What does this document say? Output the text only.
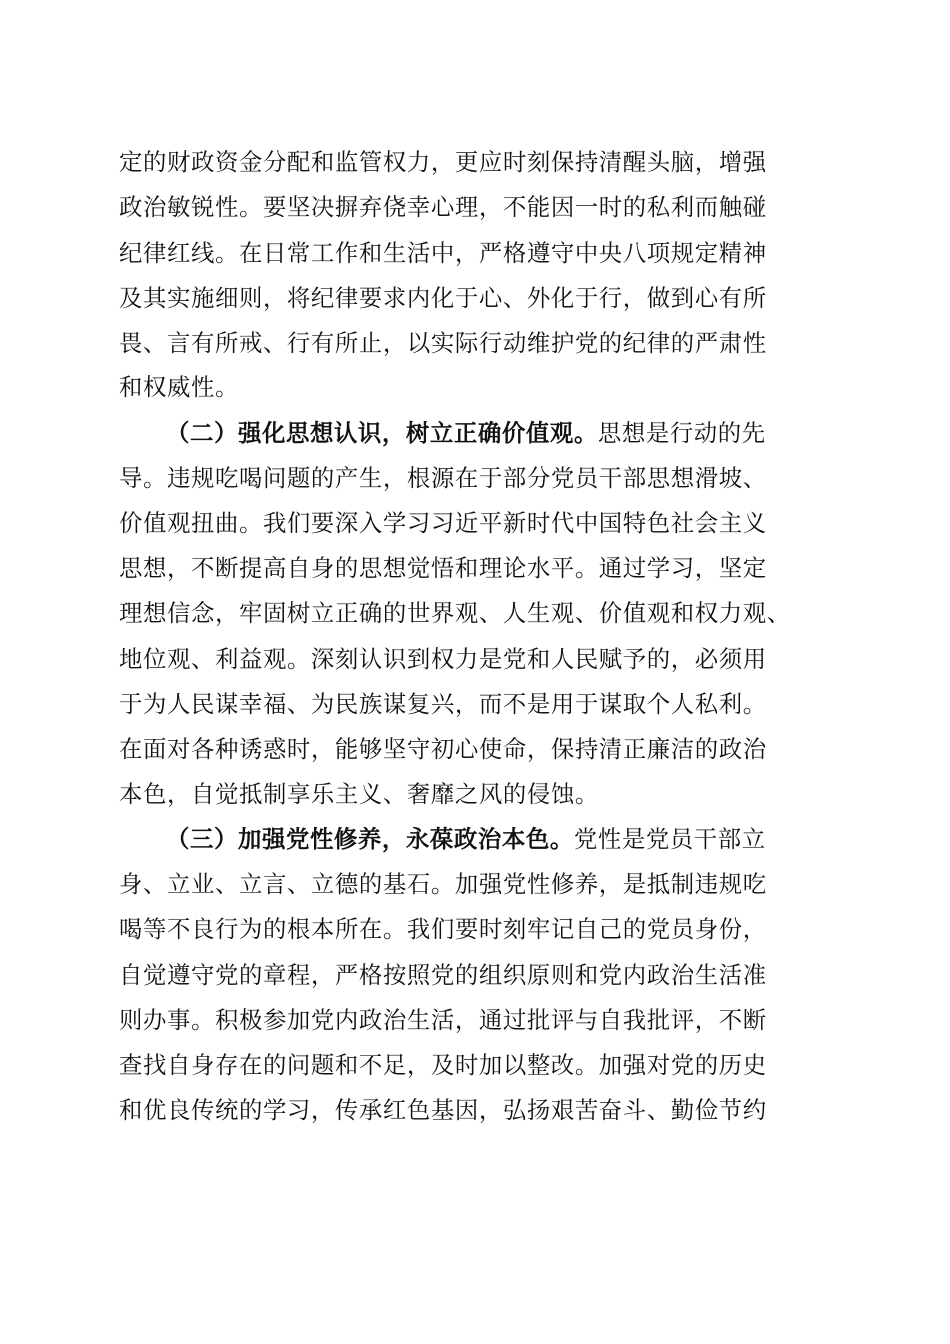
定的财政资金分配和监管权力，更应时刻保持清醒头脑，增强
政治敏锐性。要坚决摒弃侥幸心理，不能因一时的私利而触碰
纪律红线。在日常工作和生活中，严格遵守中央八项规定精神
及其实施细则，将纪律要求内化于心、外化于行，做到心有所
畏、言有所戒、行有所止，以实际行动维护党的纪律的严肃性
和权威性。
（二）强化思想认识，树立正确价值观。思想是行动的先
导。违规吃喝问题的产生，根源在于部分党员干部思想滑坡、
价值观扭曲。我们要深入学习习近平新时代中国特色社会主义
思想，不断提高自身的思想觉悟和理论水平。通过学习，坚定
理想信念，牢固树立正确的世界观、人生观、价值观和权力观、
地位观、利益观。深刻认识到权力是党和人民赋予的，必须用
于为人民谋幸福、为民族谋复兴，而不是用于谋取个人私利。
在面对各种诱惑时，能够坚守初心使命，保持清正廉洁的政治
本色，自觉抵制享乐主义、奢靡之风的侵蚀。
（三）加强党性修养，永葆政治本色。党性是党员干部立
身、立业、立言、立德的基石。加强党性修养，是抵制违规吃
喝等不良行为的根本所在。我们要时刻牢记自己的党员身份，
自觉遵守党的章程，严格按照党的组织原则和党内政治生活准
则办事。积极参加党内政治生活，通过批评与自我批评，不断
查找自身存在的问题和不足，及时加以整改。加强对党的历史
和优良传统的学习，传承红色基因，弘扬艰苦奋斗、勤俭节约
